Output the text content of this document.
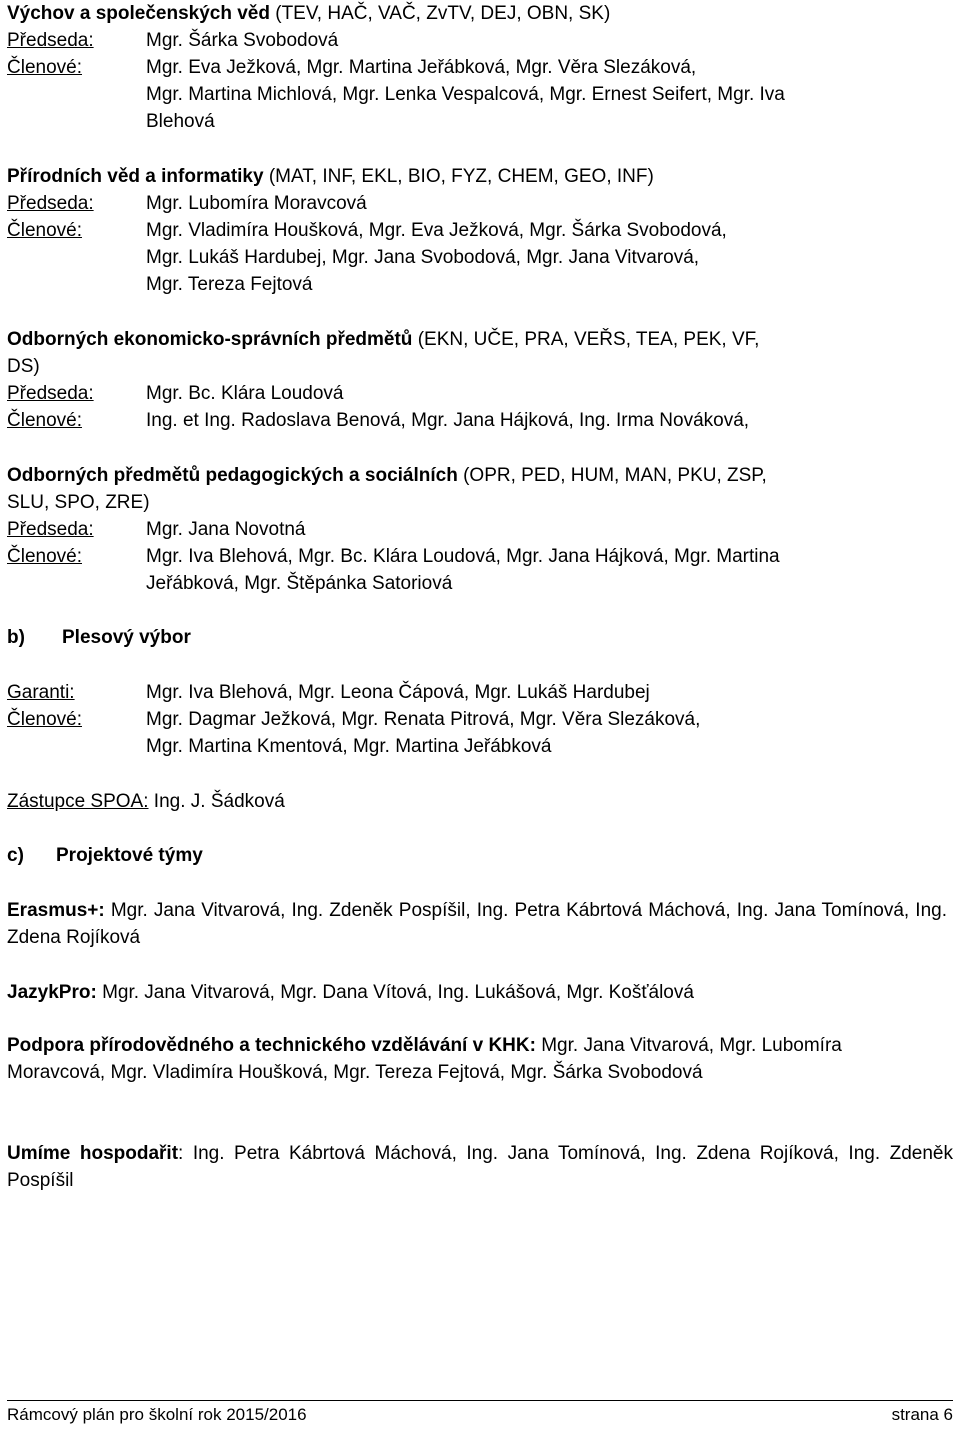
Výchov a společenských věd (TEV, HAČ, VAČ, ZvTV, DEJ, OBN, SK)
Předseda:	Mgr. Šárka Svobodová
Členové:	Mgr. Eva Ježková, Mgr. Martina Jeřábková, Mgr. Věra Slezáková,
Mgr. Martina Michlová, Mgr. Lenka Vespalcová, Mgr. Ernest Seifert, Mgr. Iva
Blehová
Přírodních věd a informatiky (MAT, INF, EKL, BIO, FYZ, CHEM, GEO, INF)
Předseda:	Mgr. Lubomíra Moravcová
Členové:	Mgr. Vladimíra Houšková, Mgr. Eva Ježková, Mgr. Šárka Svobodová,
Mgr. Lukáš Hardubej, Mgr. Jana Svobodová, Mgr. Jana Vitvarová,
Mgr. Tereza Fejtová
Odborných ekonomicko-správních předmětů (EKN, UČE, PRA, VEŘS, TEA, PEK, VF,
DS)
Předseda:	Mgr. Bc. Klára Loudová
Členové:	Ing. et Ing. Radoslava Benová, Mgr. Jana Hájková, Ing. Irma Nováková,
Odborných předmětů pedagogických a sociálních (OPR, PED, HUM, MAN, PKU, ZSP,
SLU, SPO, ZRE)
Předseda:	Mgr. Jana Novotná
Členové:	Mgr. Iva Blehová, Mgr. Bc. Klára Loudová, Mgr. Jana Hájková, Mgr. Martina
Jeřábková, Mgr. Štěpánka Satoriová
b) Plesový výbor
Garanti:	Mgr. Iva Blehová, Mgr. Leona Čápová, Mgr. Lukáš Hardubej
Členové:	Mgr. Dagmar Ježková, Mgr. Renata Pitrová, Mgr. Věra Slezáková,
Mgr. Martina Kmentová, Mgr. Martina Jeřábková
Zástupce SPOA: Ing. J. Šádková
c) Projektové týmy
Erasmus+: Mgr. Jana Vitvarová, Ing. Zdeněk Pospíšil, Ing. Petra Kábrtová Máchová, Ing. Jana Tomínová, Ing. Zdena Rojíková
JazykPro: Mgr. Jana Vitvarová, Mgr. Dana Vítová, Ing. Lukášová, Mgr. Košťálová
Podpora přírodovědného a technického vzdělávání v KHK: Mgr. Jana Vitvarová, Mgr. Lubomíra Moravcová, Mgr. Vladimíra Houšková, Mgr. Tereza Fejtová, Mgr. Šárka Svobodová
Umíme hospodařit: Ing. Petra Kábrtová Máchová, Ing. Jana Tomínová, Ing. Zdena Rojíková, Ing. Zdeněk Pospíšil
Rámcový plán pro školní rok 2015/2016	strana 6
